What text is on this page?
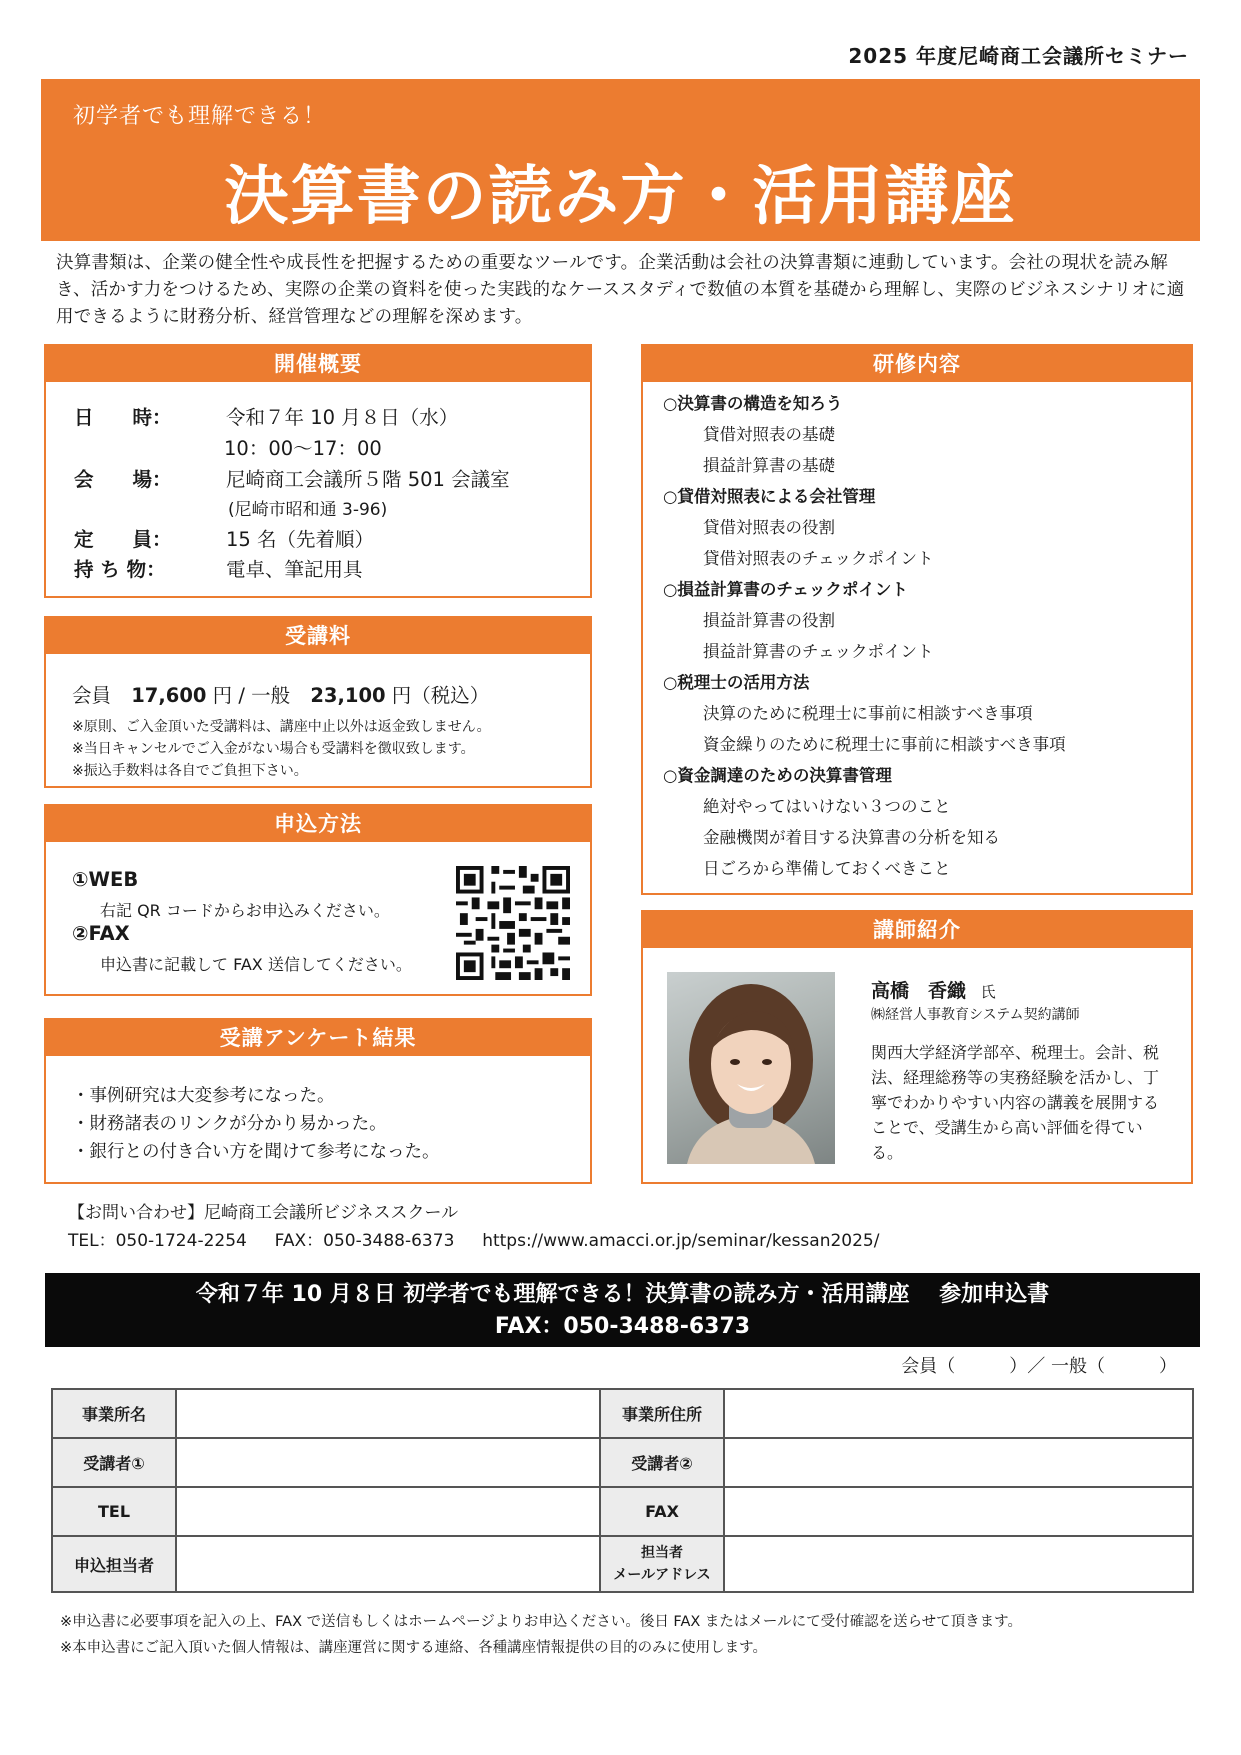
2025 年度尼崎商工会議所セミナー
初学者でも理解できる！
決算書の読み方・活用講座
決算書類は、企業の健全性や成長性を把握するための重要なツールです。企業活動は会社の決算書類に連動しています。会社の現状を読み解き、活かす力をつけるため、実際の企業の資料を使った実践的なケーススタディで数値の本質を基礎から理解し、実際のビジネスシナリオに適用できるように財務分析、経営管理などの理解を深めます。
開催概要
日　　時：	令和７年 10 月８日（水）
10：00～17：00
会　　場：	尼崎商工会議所５階 501 会議室
(尼崎市昭和通 3-96)
定　　員：	15 名（先着順）
持 ち 物：	電卓、筆記用具
受講料
会員 17,600 円 / 一般 23,100 円（税込）
※原則、ご入金頂いた受講料は、講座中止以外は返金致しません。
※当日キャンセルでご入金がない場合も受講料を徴収致します。
※振込手数料は各自でご負担下さい。
申込方法
①WEB
右記 QR コードからお申込みください。
②FAX
申込書に記載して FAX 送信してください。
受講アンケート結果
・事例研究は大変参考になった。
・財務諸表のリンクが分かり易かった。
・銀行との付き合い方を聞けて参考になった。
研修内容
○決算書の構造を知ろう
貸借対照表の基礎
損益計算書の基礎
○貸借対照表による会社管理
貸借対照表の役割
貸借対照表のチェックポイント
○損益計算書のチェックポイント
損益計算書の役割
損益計算書のチェックポイント
○税理士の活用方法
決算のために税理士に事前に相談すべき事項
資金繰りのために税理士に事前に相談すべき事項
○資金調達のための決算書管理
絶対やってはいけない３つのこと
金融機関が着目する決算書の分析を知る
日ごろから準備しておくべきこと
講師紹介
高橋　香織 氏
㈱経営人事教育システム契約講師
関西大学経済学部卒、税理士。会計、税法、経理総務等の実務経験を活かし、丁寧でわかりやすい内容の講義を展開することで、受講生から高い評価を得ている。
【お問い合わせ】尼崎商工会議所ビジネススクール
TEL：050-1724-2254　  FAX：050-3488-6373　  https://www.amacci.or.jp/seminar/kessan2025/
令和７年 10 月８日 初学者でも理解できる！決算書の読み方・活用講座　 参加申込書
FAX：050-3488-6373
会員（　　　）／ 一般（　　　）
事業所名		事業所住所	
受講者①		受講者②	
TEL		FAX	
申込担当者		担当者
メールアドレス	

※申込書に必要事項を記入の上、FAX で送信もしくはホームページよりお申込ください。後日 FAX またはメールにて受付確認を送らせて頂きます。
※本申込書にご記入頂いた個人情報は、講座運営に関する連絡、各種講座情報提供の目的のみに使用します。
